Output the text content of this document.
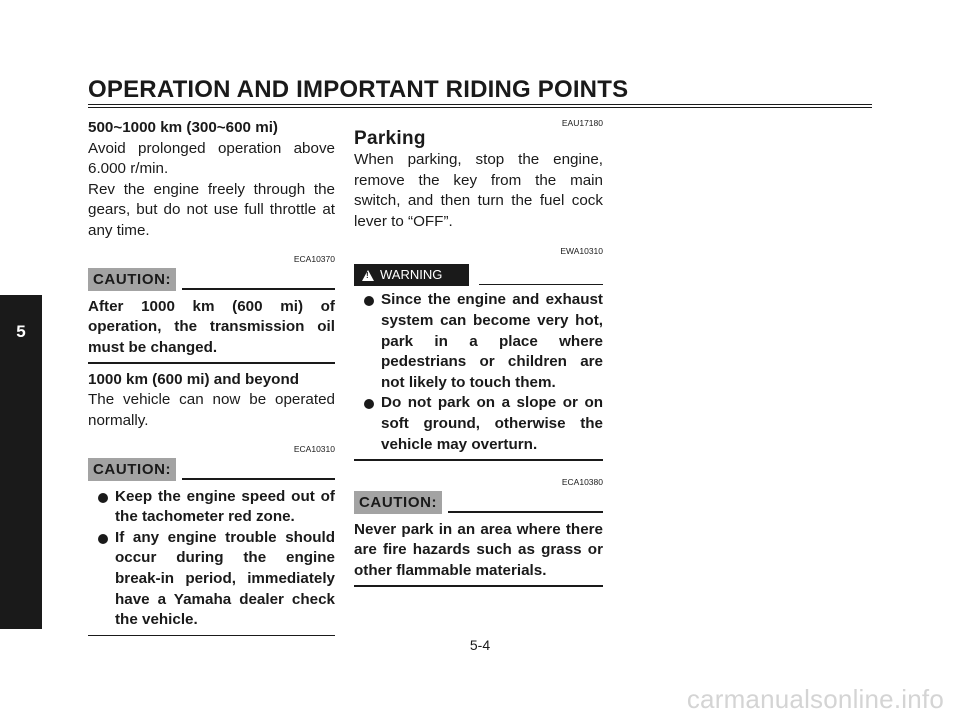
OPERATION AND IMPORTANT RIDING POINTS
5

500~1000 km (300~600 mi)

Avoid prolonged operation above 6.000 r/min.

Rev the engine freely through the gears, but do not use full throttle at any time.

ECA10370

CAUTION:

After 1000 km (600 mi) of operation, the transmission oil must be changed.

1000 km (600 mi) and beyond

The vehicle can now be operated normally.

ECA10310

CAUTION:
Keep the engine speed out of the tachometer red zone.
If any engine trouble should occur during the engine break-in period, immediately have a Yamaha dealer check the vehicle.

EAU17180

Parking

When parking, stop the engine, remove the key from the main switch, and then turn the fuel cock lever to “OFF”.

EWA10310

!
WARNING
Since the engine and exhaust system can become very hot, park in a place where pedestrians or children are not likely to touch them.
Do not park on a slope or on soft ground, otherwise the vehicle may overturn.

ECA10380

CAUTION:

Never park in an area where there are fire hazards such as grass or other flammable materials.

5-4
carmanualsonline.info
